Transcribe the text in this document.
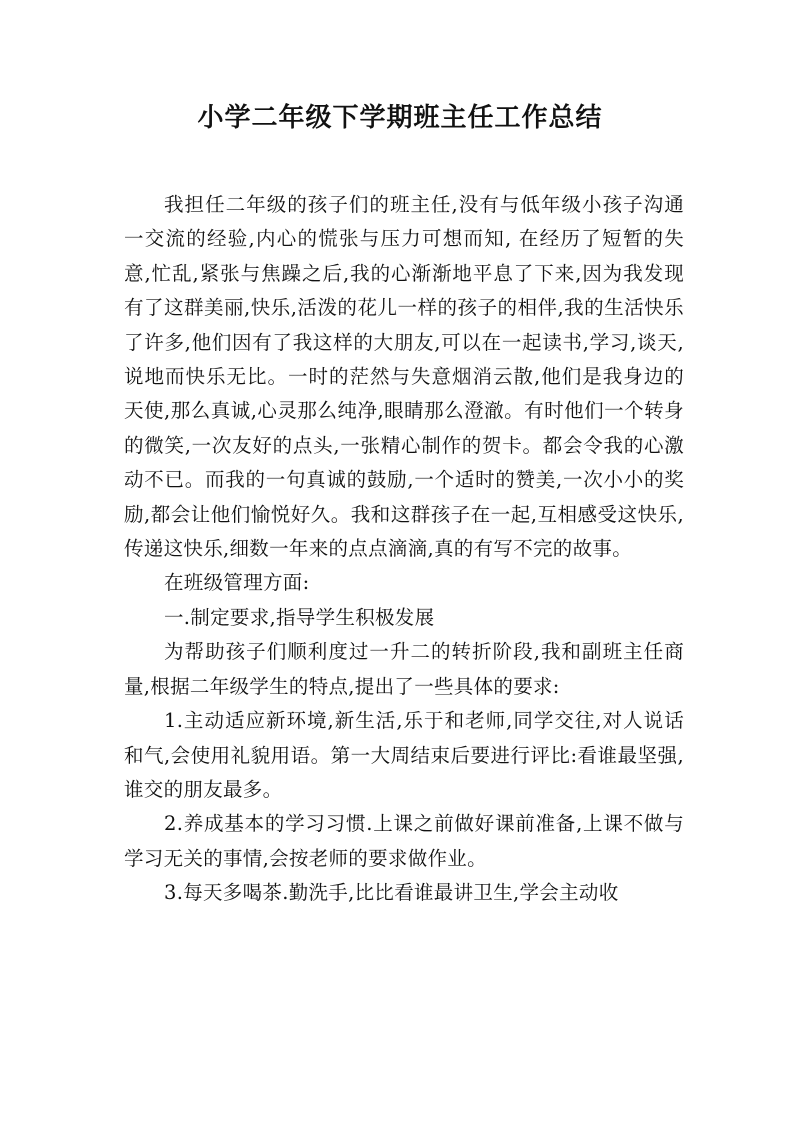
小学二年级下学期班主任工作总结

我担任二年级的孩子们的班主任,没有与低年级小孩子沟通一交流的经验,内心的慌张与压力可想而知, 在经历了短暂的失意,忙乱,紧张与焦躁之后,我的心渐渐地平息了下来,因为我发现有了这群美丽,快乐,活泼的花儿一样的孩子的相伴,我的生活快乐了许多,他们因有了我这样的大朋友,可以在一起读书,学习,谈天,说地而快乐无比。一时的茫然与失意烟消云散,他们是我身边的天使,那么真诚,心灵那么纯净,眼睛那么澄澈。有时他们一个转身的微笑,一次友好的点头,一张精心制作的贺卡。都会令我的心激动不已。而我的一句真诚的鼓励,一个适时的赞美,一次小小的奖励,都会让他们愉悦好久。我和这群孩子在一起,互相感受这快乐,传递这快乐,细数一年来的点点滴滴,真的有写不完的故事。

在班级管理方面:

一.制定要求,指导学生积极发展

为帮助孩子们顺利度过一升二的转折阶段,我和副班主任商量,根据二年级学生的特点,提出了一些具体的要求:

1.主动适应新环境,新生活,乐于和老师,同学交往,对人说话和气,会使用礼貌用语。第一大周结束后要进行评比:看谁最坚强,谁交的朋友最多。

2.养成基本的学习习惯.上课之前做好课前准备,上课不做与学习无关的事情,会按老师的要求做作业。

3.每天多喝茶.勤洗手,比比看谁最讲卫生,学会主动收
